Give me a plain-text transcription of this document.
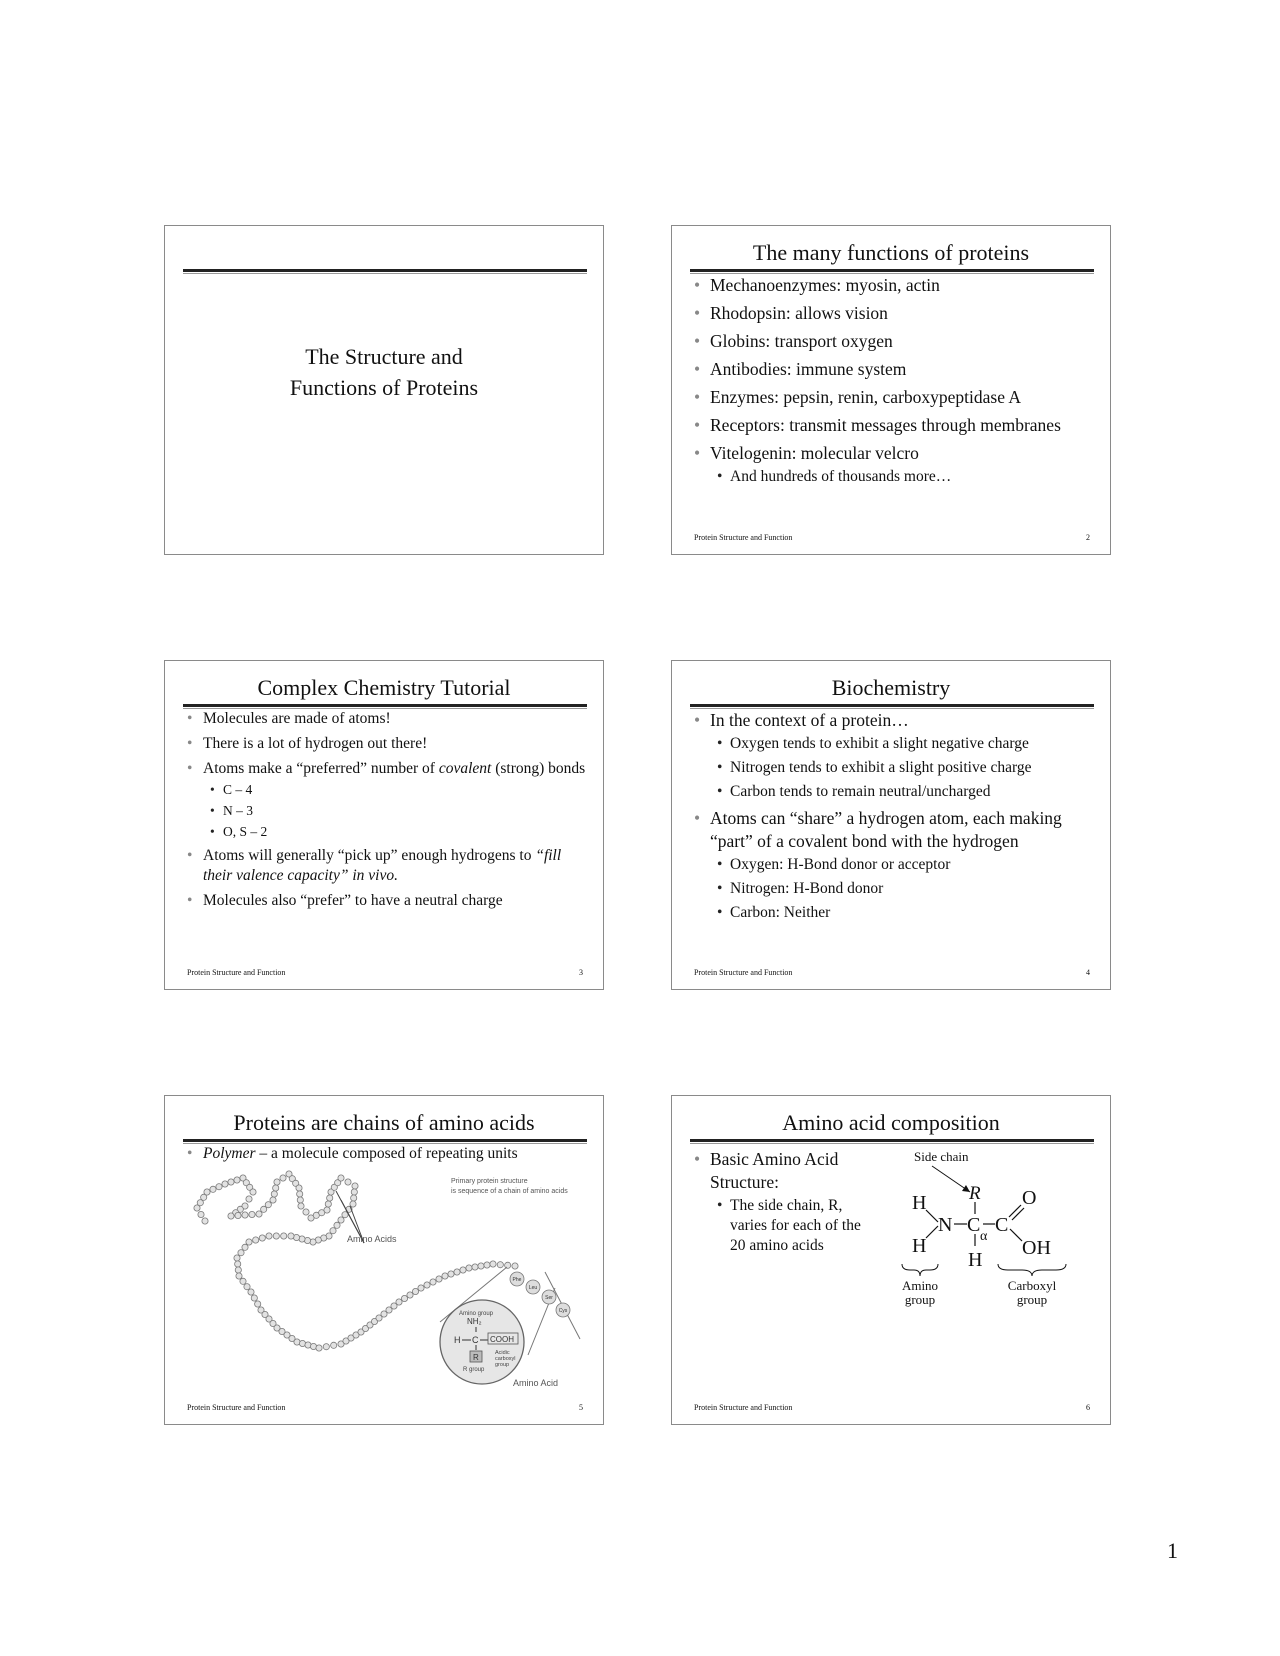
The Structure and
Functions of Proteins
The many functions of proteins
• Mechanoenzymes: myosin, actin
• Rhodopsin: allows vision
• Globins: transport oxygen
• Antibodies: immune system
• Enzymes: pepsin, renin, carboxypeptidase A
• Receptors: transmit messages through membranes
• Vitelogenin: molecular velcro
• And hundreds of thousands more…
Protein Structure and Function	2
Complex Chemistry Tutorial
• Molecules are made of atoms!
• There is a lot of hydrogen out there!
• Atoms make a “preferred” number of covalent (strong) bonds
• C – 4
• N – 3
• O, S – 2
• Atoms will generally “pick up” enough hydrogens to “fill their valence capacity” in vivo.
• Molecules also “prefer” to have a neutral charge
Protein Structure and Function	3
Biochemistry
• In the context of a protein…
• Oxygen tends to exhibit a slight negative charge
• Nitrogen tends to exhibit a slight positive charge
• Carbon tends to remain neutral/uncharged
• Atoms can “share” a hydrogen atom, each making “part” of a covalent bond with the hydrogen
• Oxygen: H-Bond donor or acceptor
• Nitrogen: H-Bond donor
• Carbon: Neither
Protein Structure and Function	4
Proteins are chains of amino acids
• Polymer – a molecule composed of repeating units
Amino Acids
Primary protein structure
is sequence of a chain of amino acids
Amino group
NH₂
H C COOH
R	Acidic
carboxyl
group
R group
Amino Acid
Phe
Leu
Ser
Cys
Protein Structure and Function	5
Amino acid composition
• Basic Amino Acid Structure:
• The side chain, R, varies for each of the 20 amino acids
Side chain
R
H
H
N C
α
H
C
O
OH
Amino
group
Carboxyl
group
Protein Structure and Function	6
1
